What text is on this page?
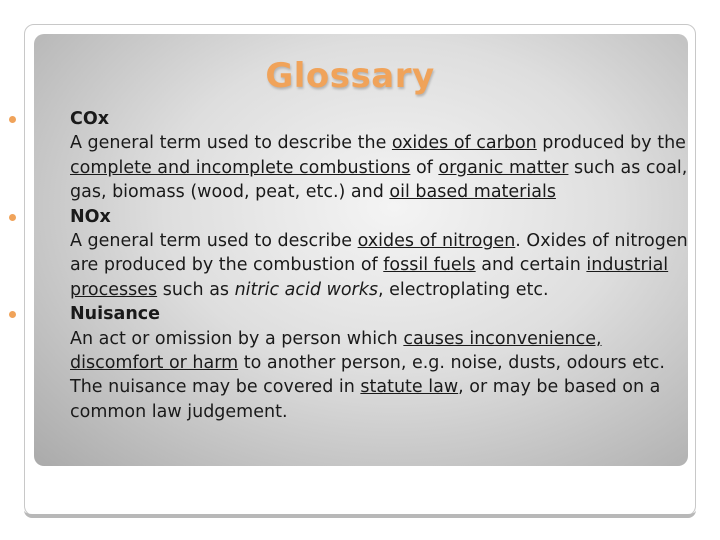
Glossary
COx
A general term used to describe the oxides of carbon produced by the complete and incomplete combustions of organic matter such as coal, gas, biomass (wood, peat, etc.) and oil based materials
NOx
A general term used to describe oxides of nitrogen. Oxides of nitrogen are produced by the combustion of fossil fuels and certain industrial processes such as nitric acid works, electroplating etc.
Nuisance
An act or omission by a person which causes inconvenience, discomfort or harm to another person, e.g. noise, dusts, odours etc. The nuisance may be covered in statute law, or may be based on a common law judgement.
